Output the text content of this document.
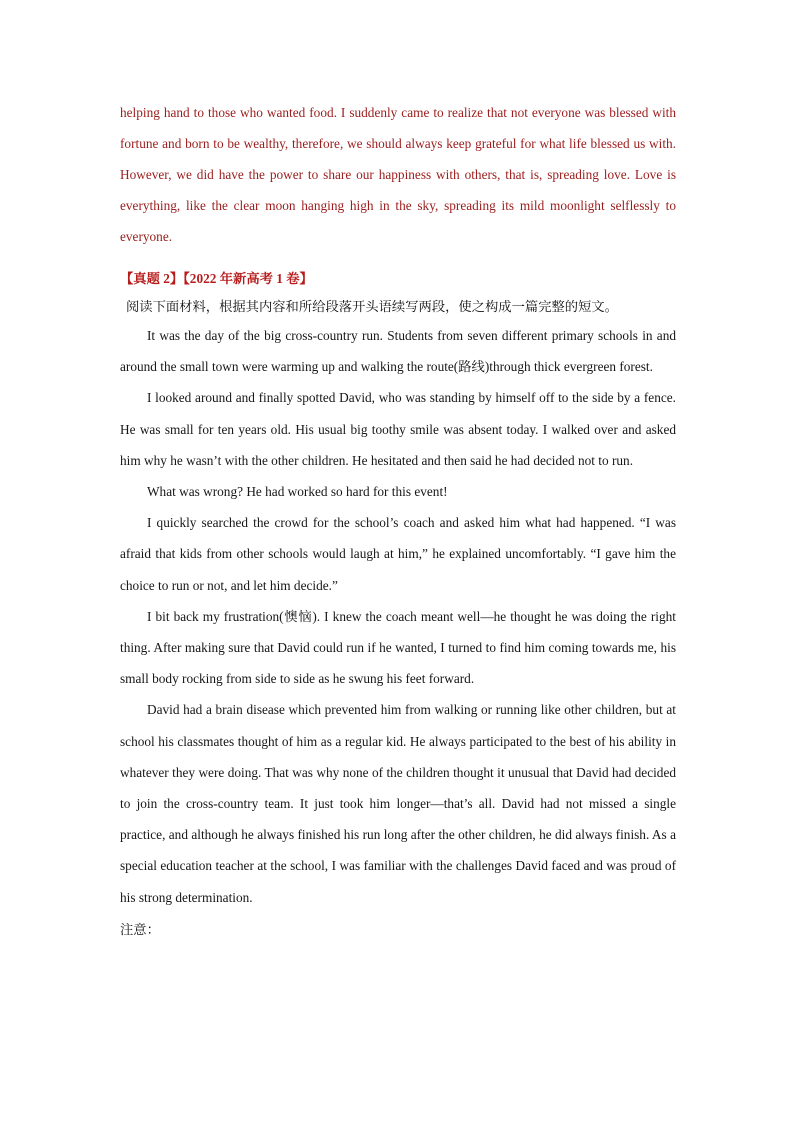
helping hand to those who wanted food. I suddenly came to realize that not everyone was blessed with fortune and born to be wealthy, therefore, we should always keep grateful for what life blessed us with. However, we did have the power to share our happiness with others, that is, spreading love. Love is everything, like the clear moon hanging high in the sky, spreading its mild moonlight selflessly to everyone.

【真题 2】【2022 年新高考 1 卷】
阅读下面材料，根据其内容和所给段落开头语续写两段，使之构成一篇完整的短文。

It was the day of the big cross-country run. Students from seven different primary schools in and around the small town were warming up and walking the route(路线)through thick evergreen forest.

I looked around and finally spotted David, who was standing by himself off to the side by a fence. He was small for ten years old. His usual big toothy smile was absent today. I walked over and asked him why he wasn’t with the other children. He hesitated and then said he had decided not to run.

What was wrong? He had worked so hard for this event!

I quickly searched the crowd for the school’s coach and asked him what had happened. “I was afraid that kids from other schools would laugh at him,” he explained uncomfortably. “I gave him the choice to run or not, and let him decide.”

I bit back my frustration(懊恼). I knew the coach meant well—he thought he was doing the right thing. After making sure that David could run if he wanted, I turned to find him coming towards me, his small body rocking from side to side as he swung his feet forward.

David had a brain disease which prevented him from walking or running like other children, but at school his classmates thought of him as a regular kid. He always participated to the best of his ability in whatever they were doing. That was why none of the children thought it unusual that David had decided to join the cross-country team. It just took him longer—that’s all. David had not missed a single practice, and although he always finished his run long after the other children, he did always finish. As a special education teacher at the school, I was familiar with the challenges David faced and was proud of his strong determination.

注意：
